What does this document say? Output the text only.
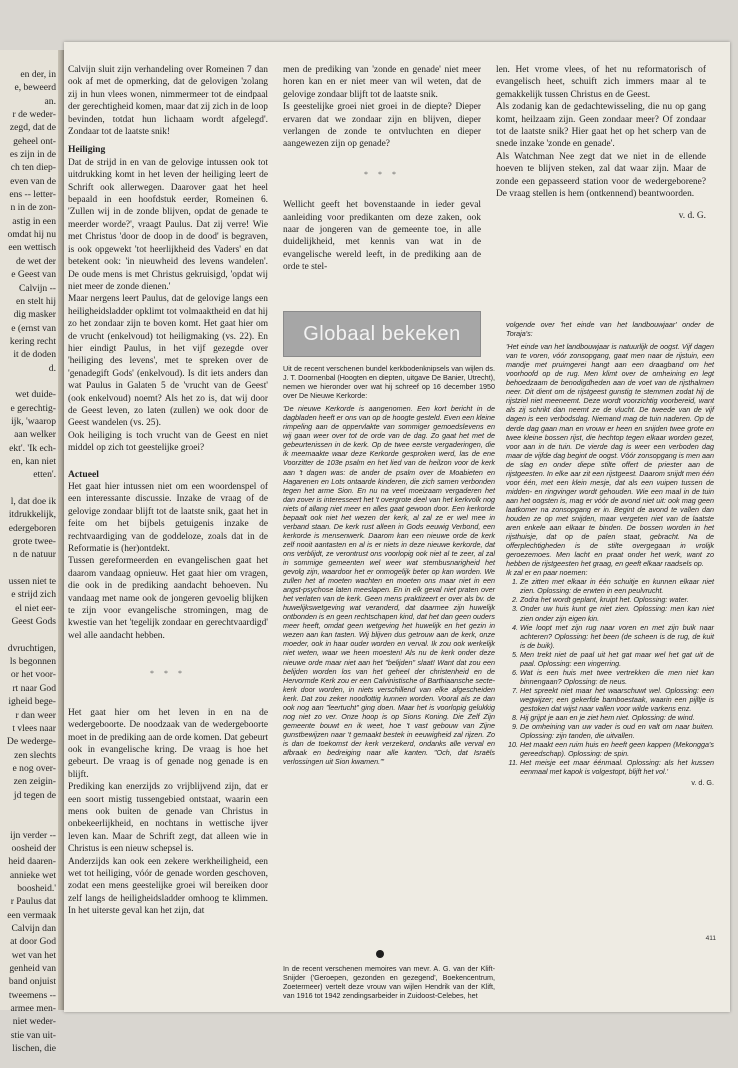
en der, in
e, beweerd
an.
r de weder-
zegd, dat de
geheel ont-
es zijn in de
ch ten diep-
even van de
ens -- letter-
n in de zon-
astig in een
omdat hij nu
een wettisch
de wet der
e Geest van
Calvijn --
en stelt hij
dig masker
e (ernst van
kering recht
it de doden
d.
wet duide-
e gerechtig-
ijk, 'waarop
aan welker
ekt'. 'Ik ech-
en, kan niet
etten'.
l, dat doe ik
itdrukkelijk,
edergeboren
grote twee-
n de natuur
ussen niet te
e strijd zich
el niet eer-
Geest Gods
dvruchtigen,
ls begonnen
or het voor-
rt naar God
igheid bege-
r dan weer
t vlees naar
De wederge-
zen slechts
e nog over-
zen zeigin-
jd tegen de
ijn verder --
oosheid der
heid daaren-
annieke wet
boosheid.'
r Paulus dat
een vermaak
Calvijn dan
at door God
wet van het
genheid van
band onjuist
tweemens --
armee men-
niet weder-
stie van uit-
lischen, die

Calvijn sluit zijn verhandeling over Romeinen 7 dan ook af met de opmerking, dat de gelovigen 'zolang zij in hun vlees wonen, nimmermeer tot de eindpaal der gerechtigheid komen, maar dat zij zich in de loop bevinden, totdat hun lichaam wordt afgelegd'. Zondaar tot de laatste snik!

Heiliging

Dat de strijd in en van de gelovige intussen ook tot uitdrukking komt in het leven der heiliging leert de Schrift ook allerwegen. Daarover gaat het heel bepaald in een hoofdstuk eerder, Romeinen 6. 'Zullen wij in de zonde blijven, opdat de genade te meerder worde?', vraagt Paulus. Dat zij verre! Wie met Christus 'door de doop in de dood' is begraven, is ook opgewekt 'tot heerlijkheid des Vaders' en dat betekent ook: 'in nieuwheid des levens wandelen'. De oude mens is met Christus gekruisigd, 'opdat wij niet meer de zonde dienen.'

Maar nergens leert Paulus, dat de gelovige langs een heiligheidsladder opklimt tot volmaaktheid en dat hij zo het zondaar zijn te boven komt. Het gaat hier om de vrucht (enkelvoud) tot heiligmaking (vs. 22). En hier eindigt Paulus, in het vijf gezegde over 'heiliging des levens', met te spreken over de 'genadegift Gods' (enkelvoud). Is dit iets anders dan wat Paulus in Galaten 5 de 'vrucht van de Geest' (ook enkelvoud) noemt? Als het zo is, dat wij door de Geest leven, zo laten (zullen) we ook door de Geest wandelen (vs. 25).

Ook heiliging is toch vrucht van de Geest en niet middel op zich tot geestelijke groei?

Actueel

Het gaat hier intussen niet om een woordenspel of een interessante discussie. Inzake de vraag of de gelovige zondaar blijft tot de laatste snik, gaat het in feite om het bijbels getuigenis inzake de rechtvaardiging van de goddeloze, zoals dat in de Reformatie is (her)ontdekt.

Tussen gereformeerden en evangelischen gaat het daarom vandaag opnieuw. Het gaat hier om vragen, die ook in de prediking aandacht behoeven. Nu vandaag met name ook de jongeren gevoelig blijken te zijn voor evangelische stromingen, mag de kwestie van het 'tegelijk zondaar en gerechtvaardigd' wel alle aandacht hebben.

* * *

Het gaat hier om het leven in en na de wedergeboorte. De noodzaak van de wedergeboorte moet in de prediking aan de orde komen. Dat gebeurt ook in evangelische kring. De vraag is hoe het gebeurt. De vraag is of genade nog genade is en blijft.

Prediking kan enerzijds zo vrijblijvend zijn, dat er een soort mistig tussengebied ontstaat, waarin een mens ook buiten de genade van Christus in onbekeerlijkheid, en nochtans in wettische ijver leven kan. Maar de Schrift zegt, dat alleen wie in Christus is een nieuw schepsel is.

Anderzijds kan ook een zekere werkheiligheid, een wet tot heiliging, vóór de genade worden geschoven, zodat een mens geestelijke groei wil bereiken door zelf langs de heiligheidsladder omhoog te klimmen. In het uiterste geval kan het zijn, dat

men de prediking van 'zonde en genade' niet meer horen kan en er niet meer van wil weten, dat de gelovige zondaar blijft tot de laatste snik.

Is geestelijke groei niet groei in de diepte? Dieper ervaren dat we zondaar zijn en blijven, dieper verlangen de zonde te ontvluchten en dieper aangewezen zijn op genade?

* * *

Wellicht geeft het bovenstaande in ieder geval aanleiding voor predikanten om deze zaken, ook naar de jongeren van de gemeente toe, in alle duidelijkheid, met kennis van wat in de evangelische wereld leeft, in de prediking aan de orde te stel-

len. Het vrome vlees, of het nu reformatorisch of evangelisch heet, schuift zich immers maar al te gemakkelijk tussen Christus en de Geest.

Als zodanig kan de gedachtewisseling, die nu op gang komt, heilzaam zijn. Geen zondaar meer? Of zondaar tot de laatste snik? Hier gaat het op het scherp van de snede inzake 'zonde en genade'.

Als Watchman Nee zegt dat we niet in de ellende hoeven te blijven steken, zal dat waar zijn. Maar de zonde een gepasseerd station voor de wedergeborene? De vraag stellen is hem (ontkennend) beantwoorden.

v. d. G.
Globaal bekeken

Uit de recent verschenen bundel kerkbodenknipsels van wijlen ds. J. T. Doornenbal (Hoogten en diepten, uitgave De Banier, Utrecht), nemen we hieronder over wat hij schreef op 16 december 1950 over De Nieuwe Kerkorde:

'De nieuwe Kerkorde is aangenomen. Een kort bericht in de dagbladen heeft er ons van op de hoogte gesteld. Even een kleine rimpeling aan de oppervlakte van sommiger gemoedslevens en wij gaan weer over tot de orde van de dag. Zo gaat het met de gebeurtenissen in de kerk. Op de twee eerste vergaderingen, die ik meemaakte waar deze Kerkorde gesproken werd, las de ene Voorzitter de 103e psalm en het lied van de heilzon voor de kerk aan 't dagen was: de ander de psalm over de Moabieten en Hagarenen en Lots ontaarde kinderen, die zich samen verbonden tegen het arme Sion. En nu na veel moeizaam vergaderen het dan zover is interesseert het 't overgrote deel van het kerkvolk nog niets of allang niet meer en alles gaat gewoon door. Een kerkorde bepaalt ook niet het wezen der kerk, al zal ze er wel mee in verband staan. De kerk rust alleen in Gods eeuwig Verbond, een kerkorde is mensenwerk. Daarom kan een nieuwe orde de kerk zelf nooit aantasten en al is er niets in deze nieuwe kerkorde, dat ons verblijdt, ze verontrust ons voorlopig ook niet al te zeer, al zal in sommige gemeenten wel weer wat stembusnarigheid het gevolg zijn, waardoor het er onmogelijk beter op kan worden. We zullen het af moeten wachten en moeten ons maar niet in een angst-psychose laten meeslapen. En in elk geval niet praten over het verlaten van de kerk. Geen mens praktizeert er over als bv. de huwelijkswetgeving wat veranderd, dat daarmee zijn huwelijk ontbonden is en geen rechtschapen kind, dat het dan geen ouders meer heeft, omdat geen wetgeving het huwelijk en het gezin in wezen aan kan tasten. Wij blijven dus getrouw aan de kerk, onze moeder, ook in haar ouder worden en verval. Ik zou ook werkelijk niet weten, waar we heen moesten! Als nu de kerk onder deze nieuwe orde maar niet aan het "belijden" slaat! Want dat zou een belijden worden los van het geheel der christenheid en de Hervormde Kerk zou er een Calvinistische of Barthiaansche secte-kerk door worden, in niets verschillend van elke afgescheiden kerk. Dat zou zeker noodlottig kunnen worden. Vooral als ze dan ook nog aan "leertucht" ging doen. Maar het is voorlopig gelukkig nog niet zo ver. Onze hoop is op Sions Koning. Die Zelf Zijn gemeente bouwt en ik weet, hoe 't vast gebouw van Zijne gunstbewijzen naar 't gemaakt bestek in eeuwigheid zal rijzen. Zo is dan de toekomst der kerk verzekerd, ondanks alle verval en afbraak en bedreiging naar alle kanten. "Och, dat Israëls verlossingen uit Sion kwamen."'

In de recent verschenen memoires van mevr. A. G. van der Klift-Snijder ('Geroepen, gezonden en gezegend', Boekencentrum, Zoetermeer) vertelt deze vrouw van wijlen Hendrik van der Klift, van 1916 tot 1942 zendingsarbeider in Zuidoost-Celebes, het

volgende over 'het einde van het landbouwjaar' onder de Toraja's:

'Het einde van het landbouwjaar is natuurlijk de oogst. Vijf dagen van te voren, vóór zonsopgang, gaat men naar de rijstuin, een mandje met pruimgerei hangt aan een draagband om het voorhoofd op de rug. Men klimt over de omheining en legt behoedzaam de benodigdheden aan de voet van de rijsthalmen neer. Dit dient om de rijstgeest gunstig te stemmen zodat hij de rijstziel niet meeneemt. Deze wordt voorzichtig voorbereid, want als zij schrikt dan neemt ze de vlucht. De tweede van de vijf dagen is een verbodsdag. Niemand mag de tuin naderen. Op de derde dag gaan man en vrouw er heen en snijden twee grote en twee kleine bossen rijst, die hechtop tegen elkaar worden gezet, voor aan in de tuin. De vierde dag is weer een verboden dag maar de vijfde dag begint de oogst. Vóór zonsopgang is men aan de slag en onder diepe stilte offert de priester aan de rijstgeesten. In elke aar zit een rijstgeest. Daarom snijdt men één voor één, met een klein mesje, dat als een vuipen tussen de midden- en ringvinger wordt gehouden. Wie een maal in de tuin aan het oogsten is, mag er vóór de avond niet uit: ook mag geen laatkomer na zonsopgang er in. Begint de avond te vallen dan houden ze op met snijden, maar vergeten niet van de laatste aren enkele aan elkaar te binden. De bossen worden in het rijsthuisje, dat op de palen staat, gebracht. Na de offerplechtigheden is de stilte overgegaan in vrolijk geroezemoes. Men lacht en praat onder het werk, want zo hebben de rijstgeesten het graag, en geeft elkaar raadsels op.

Ik zal er en paar noemen:

1. Ze zitten met elkaar in één schuitje en kunnen elkaar niet zien. Oplossing: de erwten in een peulvrucht.
2. Zodra het wordt geplant, kruipt het. Oplossing: water.
3. Onder uw huis kunt ge niet zien. Oplossing: men kan niet zien onder zijn eigen kin.
4. Wie loopt met zijn rug naar voren en met zijn buik naar achteren? Oplossing: het been (de scheen is de rug, de kuit is de buik).
5. Men trekt niet de paal uit het gat maar wel het gat uit de paal. Oplossing: een vingerring.
6. Wat is een huis met twee vertrekken die men niet kan binnengaan? Oplossing: de neus.
7. Het spreekt niet maar het waarschuwt wel. Oplossing: een wegwijzer; een gekerfde bamboestaak, waarin een pijltje is gestoken dat wijst naar vallen voor wilde varkens enz.
8. Hij grijpt je aan en je ziet hem niet. Oplossing: de wind.
9. De omheining van uw vader is oud en valt om naar buiten. Oplossing: zijn tanden, die uitvallen.
10. Het maakt een ruim huis en heeft geen kappen (Mekongga's gereedschap). Oplossing: de spin.
11. Het meisje eet maar éénmaal. Oplossing: als het kussen eenmaal met kapok is volgestopt, blijft het vol.'
v. d. G.
411
